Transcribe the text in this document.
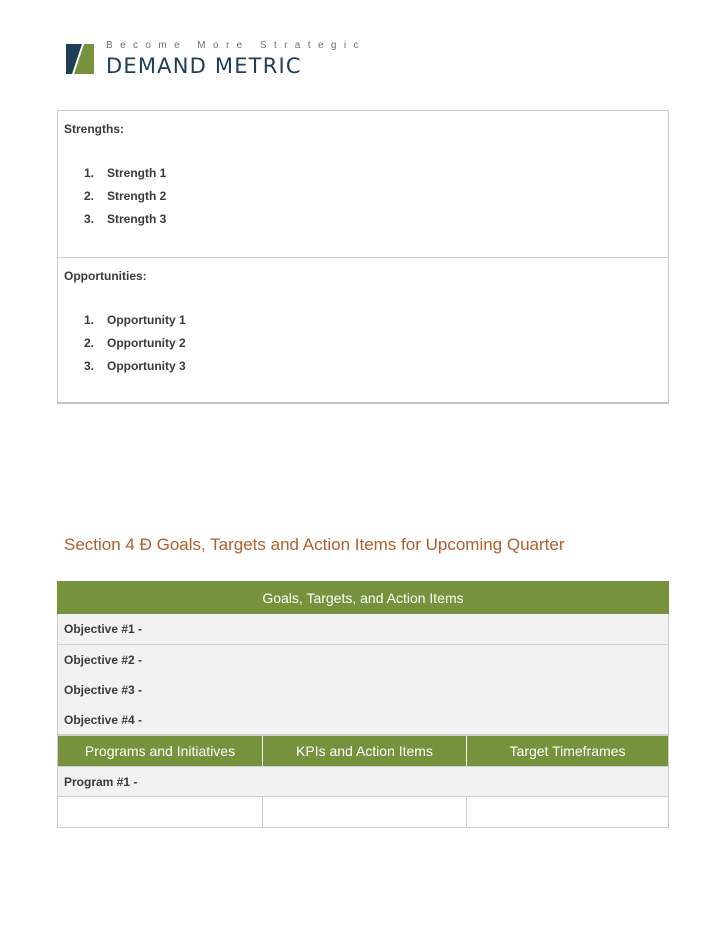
Become More Strategic
DEMAND METRIC
Strengths:
1. Strength 1
2. Strength 2
3. Strength 3
Opportunities:
1. Opportunity 1
2. Opportunity 2
3. Opportunity 3
Section 4 Ð Goals, Targets and Action Items for Upcoming Quarter
Goals, Targets, and Action Items
Objective #1 -
Objective #2 -
Objective #3 -
Objective #4 -
Programs and Initiatives	KPIs and Action Items	Target Timeframes
Program #1 -
